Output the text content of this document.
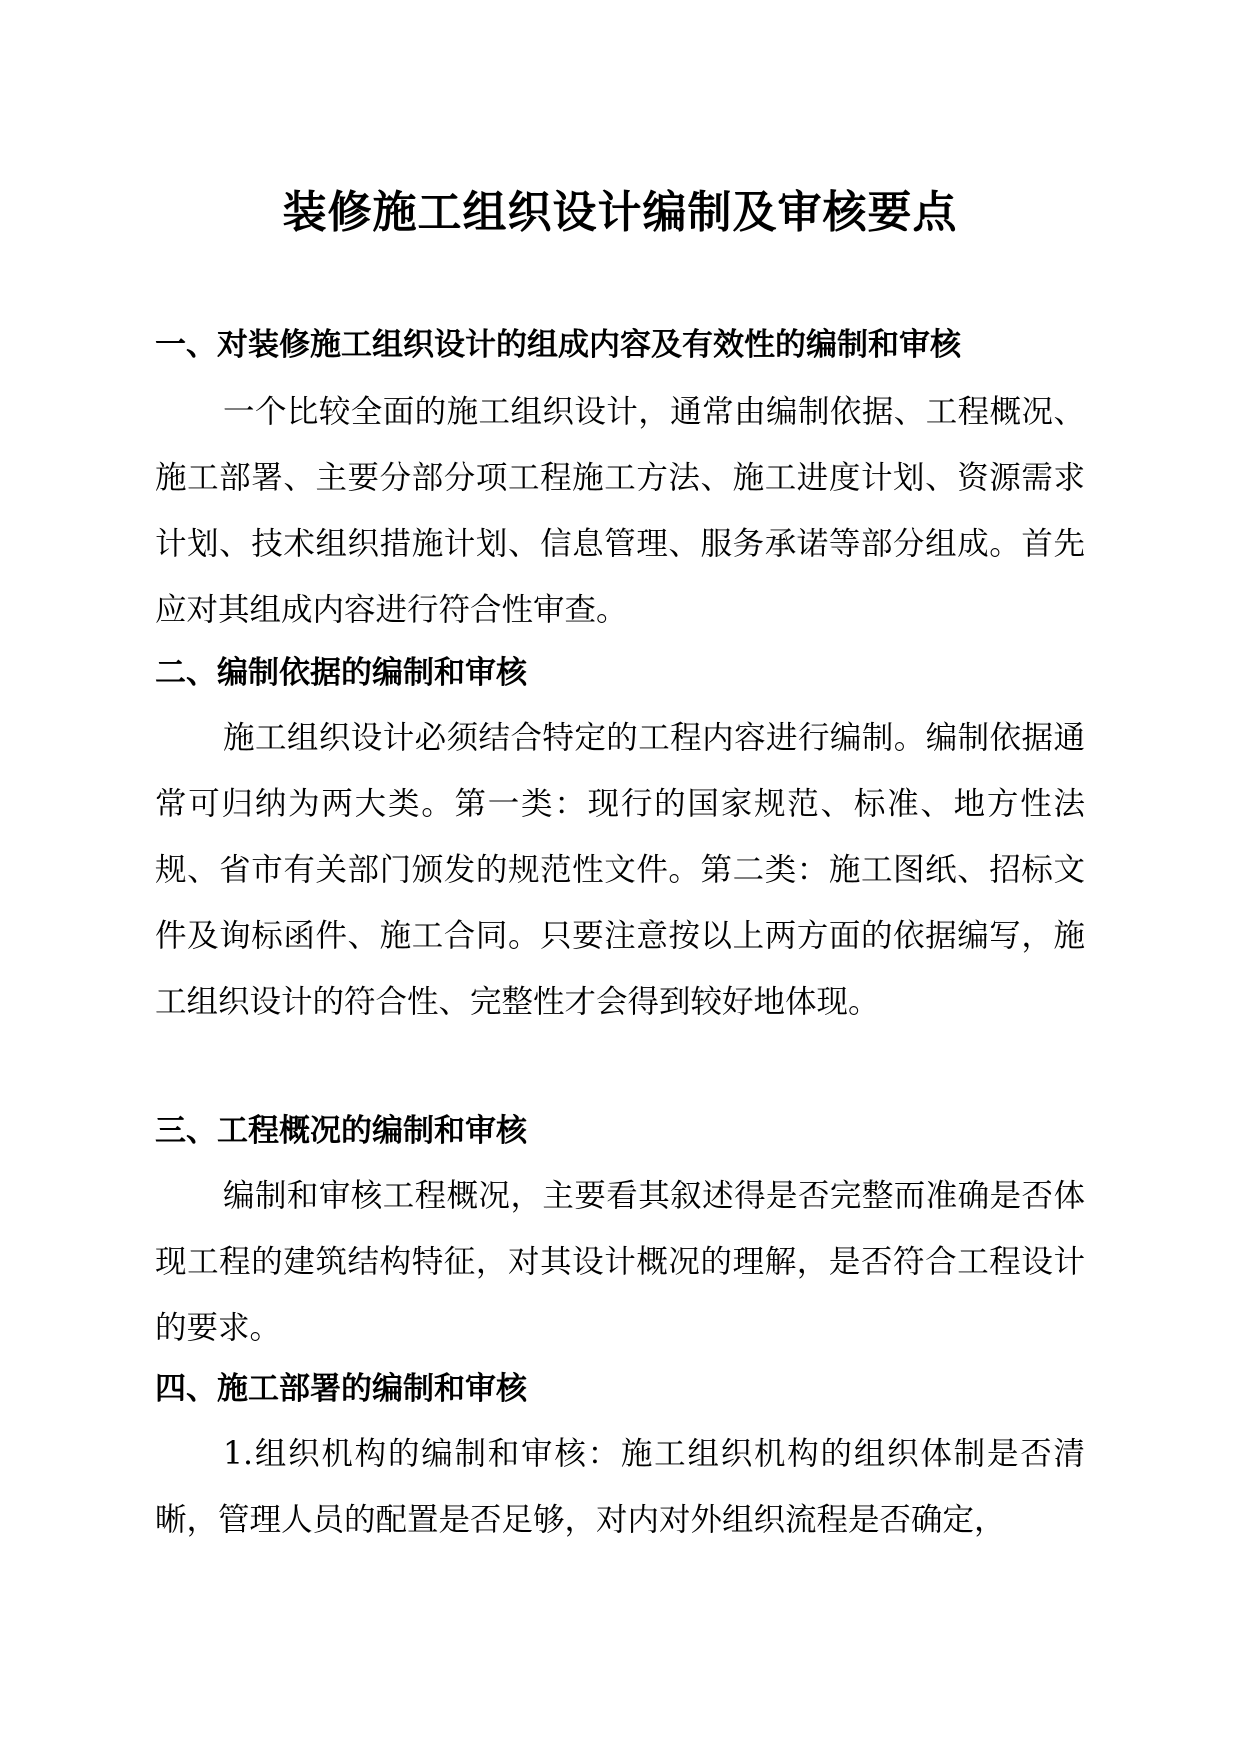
装修施工组织设计编制及审核要点
一、对装修施工组织设计的组成内容及有效性的编制和审核

一个比较全面的施工组织设计，通常由编制依据、工程概况、施工部署、主要分部分项工程施工方法、施工进度计划、资源需求计划、技术组织措施计划、信息管理、服务承诺等部分组成。首先应对其组成内容进行符合性审查。

二、编制依据的编制和审核

施工组织设计必须结合特定的工程内容进行编制。编制依据通常可归纳为两大类。第一类：现行的国家规范、标准、地方性法规、省市有关部门颁发的规范性文件。第二类：施工图纸、招标文件及询标函件、施工合同。只要注意按以上两方面的依据编写，施工组织设计的符合性、完整性才会得到较好地体现。

三、工程概况的编制和审核

编制和审核工程概况，主要看其叙述得是否完整而准确是否体现工程的建筑结构特征，对其设计概况的理解，是否符合工程设计的要求。

四、施工部署的编制和审核

1.组织机构的编制和审核：施工组织机构的组织体制是否清晰，管理人员的配置是否足够，对内对外组织流程是否确定，
